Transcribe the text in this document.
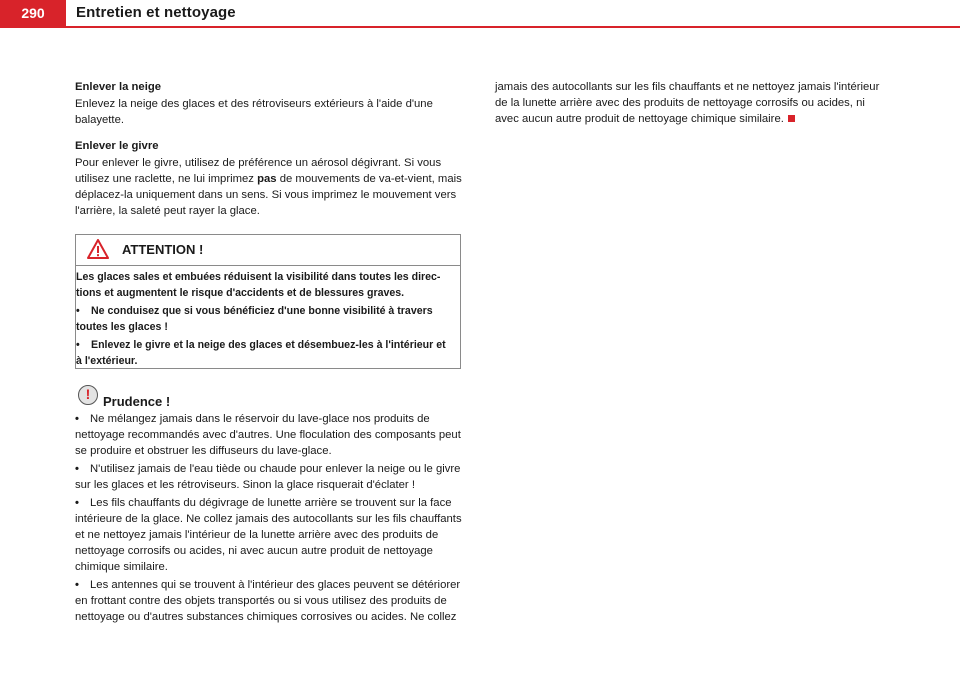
290	Entretien et nettoyage
Enlever la neige
Enlevez la neige des glaces et des rétroviseurs extérieurs à l'aide d'une
balayette.
Enlever le givre
Pour enlever le givre, utilisez de préférence un aérosol dégivrant. Si vous
utilisez une raclette, ne lui imprimez pas de mouvements de va-et-vient, mais
déplacez-la uniquement dans un sens. Si vous imprimez le mouvement vers
l'arrière, la saleté peut rayer la glace.
ATTENTION !
Les glaces sales et embuées réduisent la visibilité dans toutes les direc-
tions et augmentent le risque d'accidents et de blessures graves.
• Ne conduisez que si vous bénéficiez d'une bonne visibilité à travers
toutes les glaces !
• Enlevez le givre et la neige des glaces et désembuez-les à l'intérieur et
à l'extérieur.
! Prudence !
• Ne mélangez jamais dans le réservoir du lave-glace nos produits de
nettoyage recommandés avec d'autres. Une floculation des composants peut
se produire et obstruer les diffuseurs du lave-glace.
• N'utilisez jamais de l'eau tiède ou chaude pour enlever la neige ou le givre
sur les glaces et les rétroviseurs. Sinon la glace risquerait d'éclater !
• Les fils chauffants du dégivrage de lunette arrière se trouvent sur la face
intérieure de la glace. Ne collez jamais des autocollants sur les fils chauffants
et ne nettoyez jamais l'intérieur de la lunette arrière avec des produits de
nettoyage corrosifs ou acides, ni avec aucun autre produit de nettoyage
chimique similaire.
• Les antennes qui se trouvent à l'intérieur des glaces peuvent se détériorer
en frottant contre des objets transportés ou si vous utilisez des produits de
nettoyage ou d'autres substances chimiques corrosives ou acides. Ne collez
jamais des autocollants sur les fils chauffants et ne nettoyez jamais l'intérieur
de la lunette arrière avec des produits de nettoyage corrosifs ou acides, ni
avec aucun autre produit de nettoyage chimique similaire.
